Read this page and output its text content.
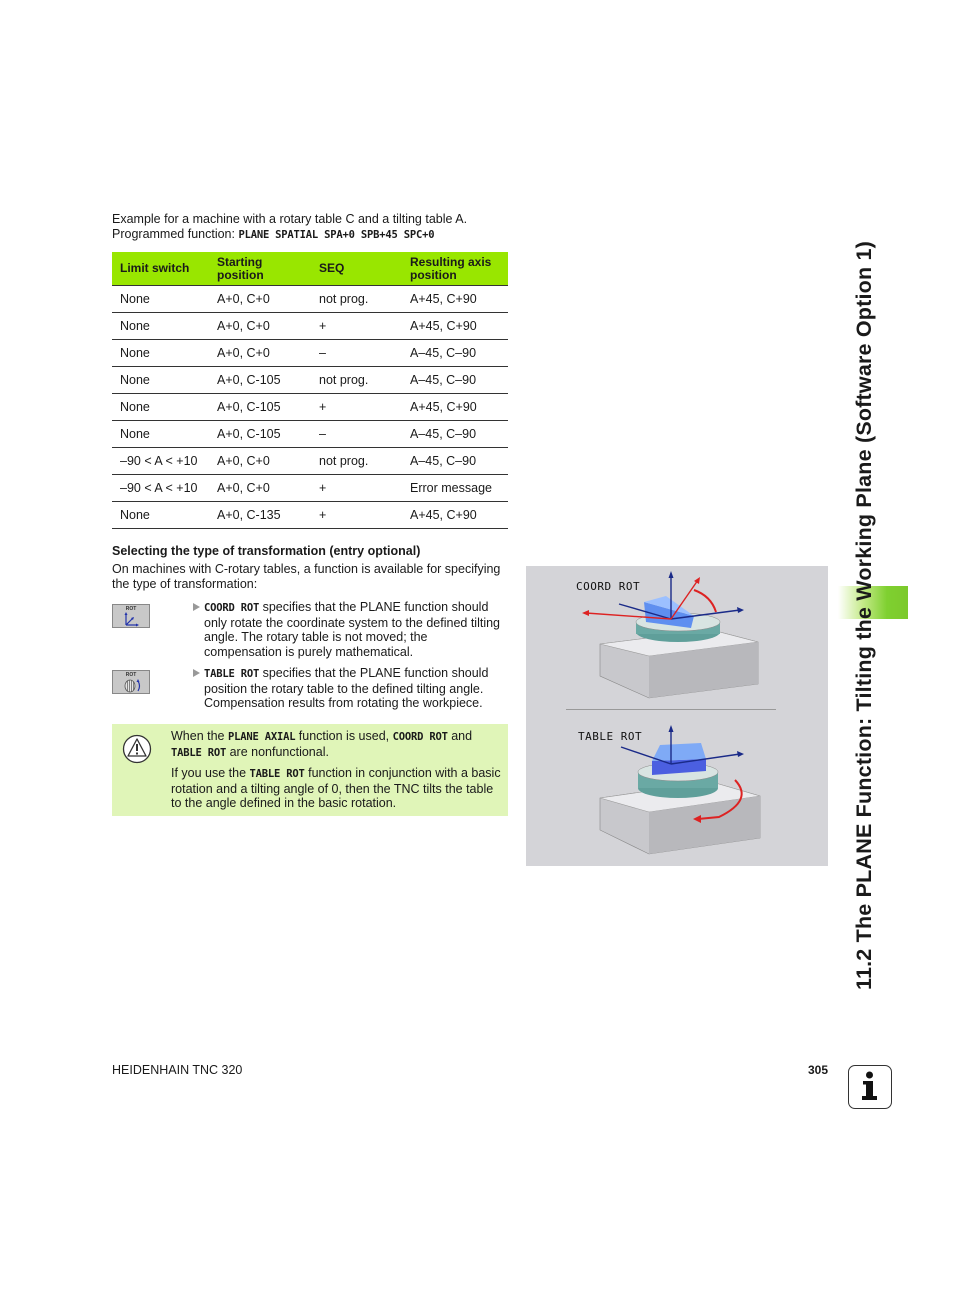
Example for a machine with a rotary table C and a tilting table A.
Programmed function: PLANE SPATIAL SPA+0 SPB+45 SPC+0
Limit switch	Starting position	SEQ	Resulting axis position
None	A+0, C+0	not prog.	A+45, C+90
None	A+0, C+0	+	A+45, C+90
None	A+0, C+0	–	A–45, C–90
None	A+0, C-105	not prog.	A–45, C–90
None	A+0, C-105	+	A+45, C+90
None	A+0, C-105	–	A–45, C–90
–90 < A < +10	A+0, C+0	not prog.	A–45, C–90
–90 < A < +10	A+0, C+0	+	Error message
None	A+0, C-135	+	A+45, C+90
Selecting the type of transformation (entry optional)
On machines with C-rotary tables, a function is available for specifying the type of transformation:
ROT	COORD ROT specifies that the PLANE function should only rotate the coordinate system to the defined tilting angle. The rotary table is not moved; the compensation is purely mathematical.
ROT	TABLE ROT specifies that the PLANE function should position the rotary table to the defined tilting angle. Compensation results from rotating the workpiece.
When the PLANE AXIAL function is used, COORD ROT and TABLE ROT are nonfunctional.
If you use the TABLE ROT function in conjunction with a basic rotation and a tilting angle of 0, then the TNC tilts the table to the angle defined in the basic rotation.
COORD ROT
TABLE ROT	11.2 The PLANE Function: Tilting the Working Plane (Software Option 1)
HEIDENHAIN TNC 320	305
